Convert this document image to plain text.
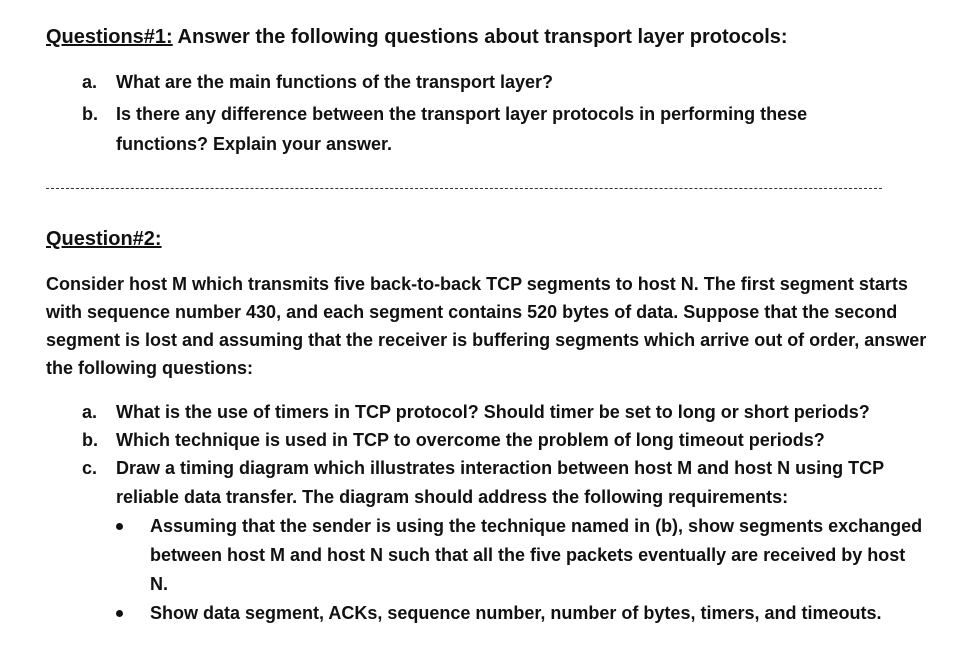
Questions#1: Answer the following questions about transport layer protocols:
a. What are the main functions of the transport layer?
b. Is there any difference between the transport layer protocols in performing these
functions? Explain your answer.
Question#2:
Consider host M which transmits five back-to-back TCP segments to host N. The first segment starts
with sequence number 430, and each segment contains 520 bytes of data. Suppose that the second
segment is lost and assuming that the receiver is buffering segments which arrive out of order, answer
the following questions:
a. What is the use of timers in TCP protocol? Should timer be set to long or short periods?
b. Which technique is used in TCP to overcome the problem of long timeout periods?
c. Draw a timing diagram which illustrates interaction between host M and host N using TCP
reliable data transfer. The diagram should address the following requirements:
Assuming that the sender is using the technique named in (b), show segments exchanged
between host M and host N such that all the five packets eventually are received by host
N.
Show data segment, ACKs, sequence number, number of bytes, timers, and timeouts.
